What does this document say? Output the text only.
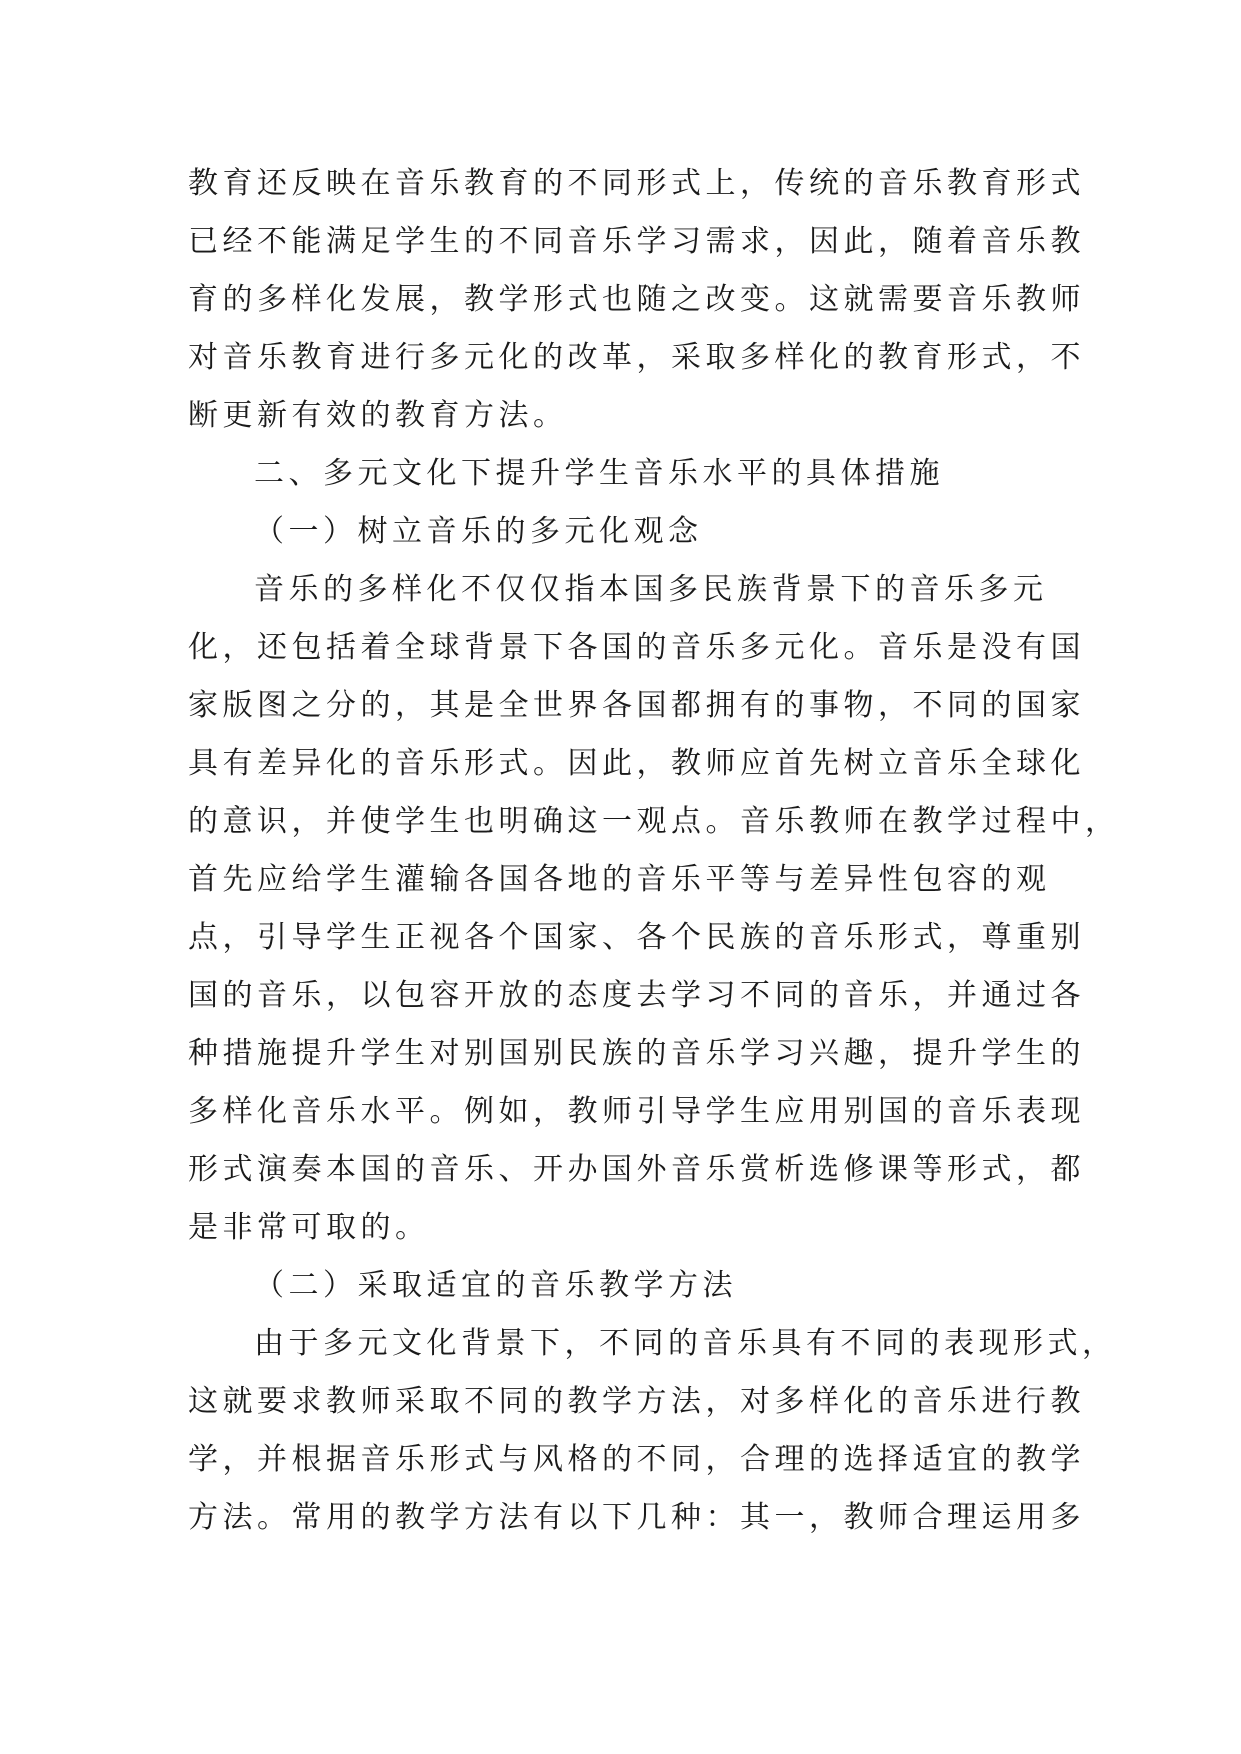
教育还反映在音乐教育的不同形式上，传统的音乐教育形式
已经不能满足学生的不同音乐学习需求，因此，随着音乐教
育的多样化发展，教学形式也随之改变。这就需要音乐教师
对音乐教育进行多元化的改革，采取多样化的教育形式，不
断更新有效的教育方法。
二、多元文化下提升学生音乐水平的具体措施
（一）树立音乐的多元化观念
音乐的多样化不仅仅指本国多民族背景下的音乐多元
化，还包括着全球背景下各国的音乐多元化。音乐是没有国
家版图之分的，其是全世界各国都拥有的事物，不同的国家
具有差异化的音乐形式。因此，教师应首先树立音乐全球化
的意识，并使学生也明确这一观点。音乐教师在教学过程中，
首先应给学生灌输各国各地的音乐平等与差异性包容的观
点，引导学生正视各个国家、各个民族的音乐形式，尊重别
国的音乐，以包容开放的态度去学习不同的音乐，并通过各
种措施提升学生对别国别民族的音乐学习兴趣，提升学生的
多样化音乐水平。例如，教师引导学生应用别国的音乐表现
形式演奏本国的音乐、开办国外音乐赏析选修课等形式，都
是非常可取的。
（二）采取适宜的音乐教学方法
由于多元文化背景下，不同的音乐具有不同的表现形式，
这就要求教师采取不同的教学方法，对多样化的音乐进行教
学，并根据音乐形式与风格的不同，合理的选择适宜的教学
方法。常用的教学方法有以下几种：其一，教师合理运用多
